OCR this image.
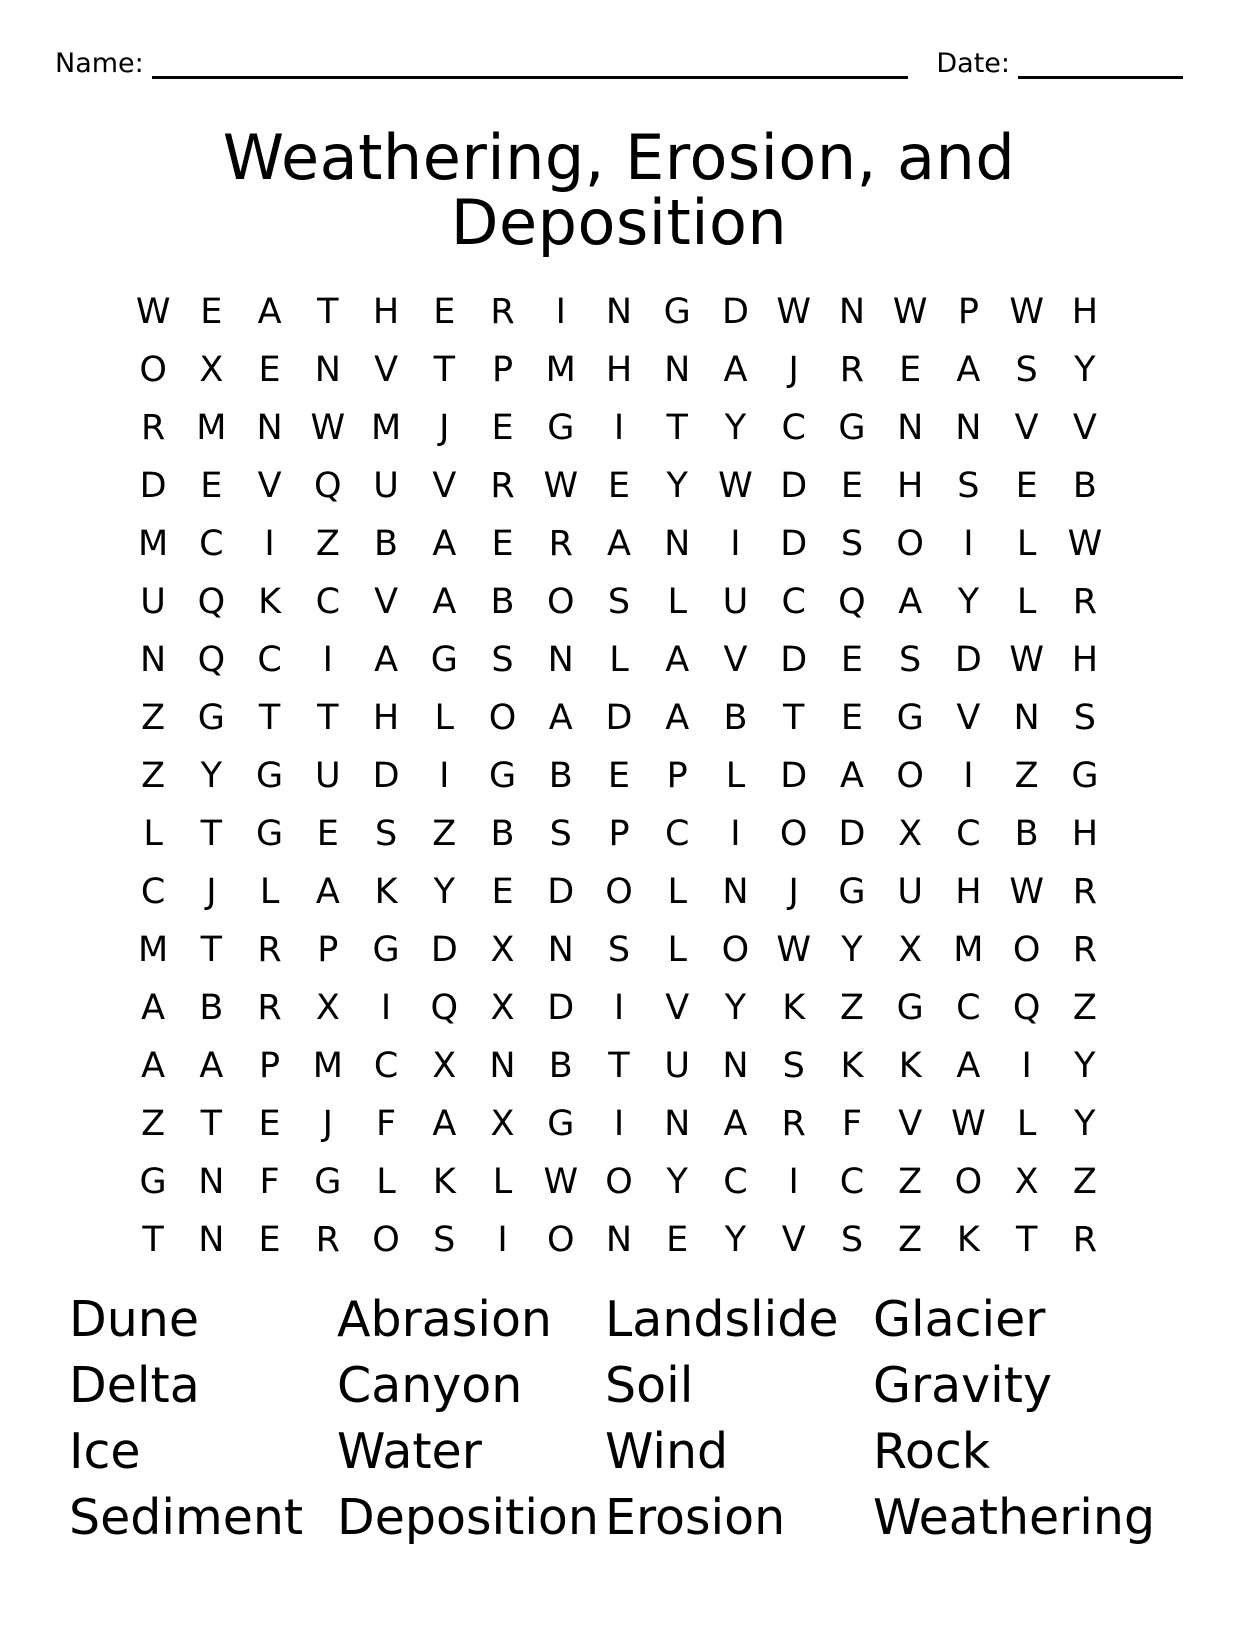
Name:	Date:
Weathering, Erosion, and Deposition
W E	A	T H E	R	I	N G D W N W P W H
O X	E N V	T	P M H N A	J	R	E	A	S	Y
R M N W M	J	E G	I	T	Y	C G N N V V
D E	V Q U V R W E	Y W D E H S	E	B
M C	I	Z B A	E	R A N	I	D S O	I	L W
U Q K C V A B O S	L	U C Q A	Y	L	R
N Q C	I	A G S N	L	A V D E	S D W H
Z G T	T H	L O A D A B	T	E G V N S
Z	Y G U D	I	G B	E	P	L	D A O	I	Z G
L	T G E	S	Z B	S	P	C	I	O D X C B H
C	J	L	A K	Y	E D O L	N	J	G U H W R
M T	R	P G D X N S	L O W Y	X M O R
A B R X	I	Q X D	I	V	Y	K Z G C Q Z
A A	P M C X N B	T U N S	K	K A	I	Y
Z	T	E	J	F	A X G	I	N A R	F	V W L	Y
G N	F G L	K	L W O Y	C	I	C Z O X Z
T N E	R O S	I	O N E	Y	V	S	Z K	T	R
Dune	Abrasion	Landslide Glacier
Delta	Canyon	Soil	Gravity
Ice	Water	Wind	Rock
Sediment Deposition Erosion	Weathering
